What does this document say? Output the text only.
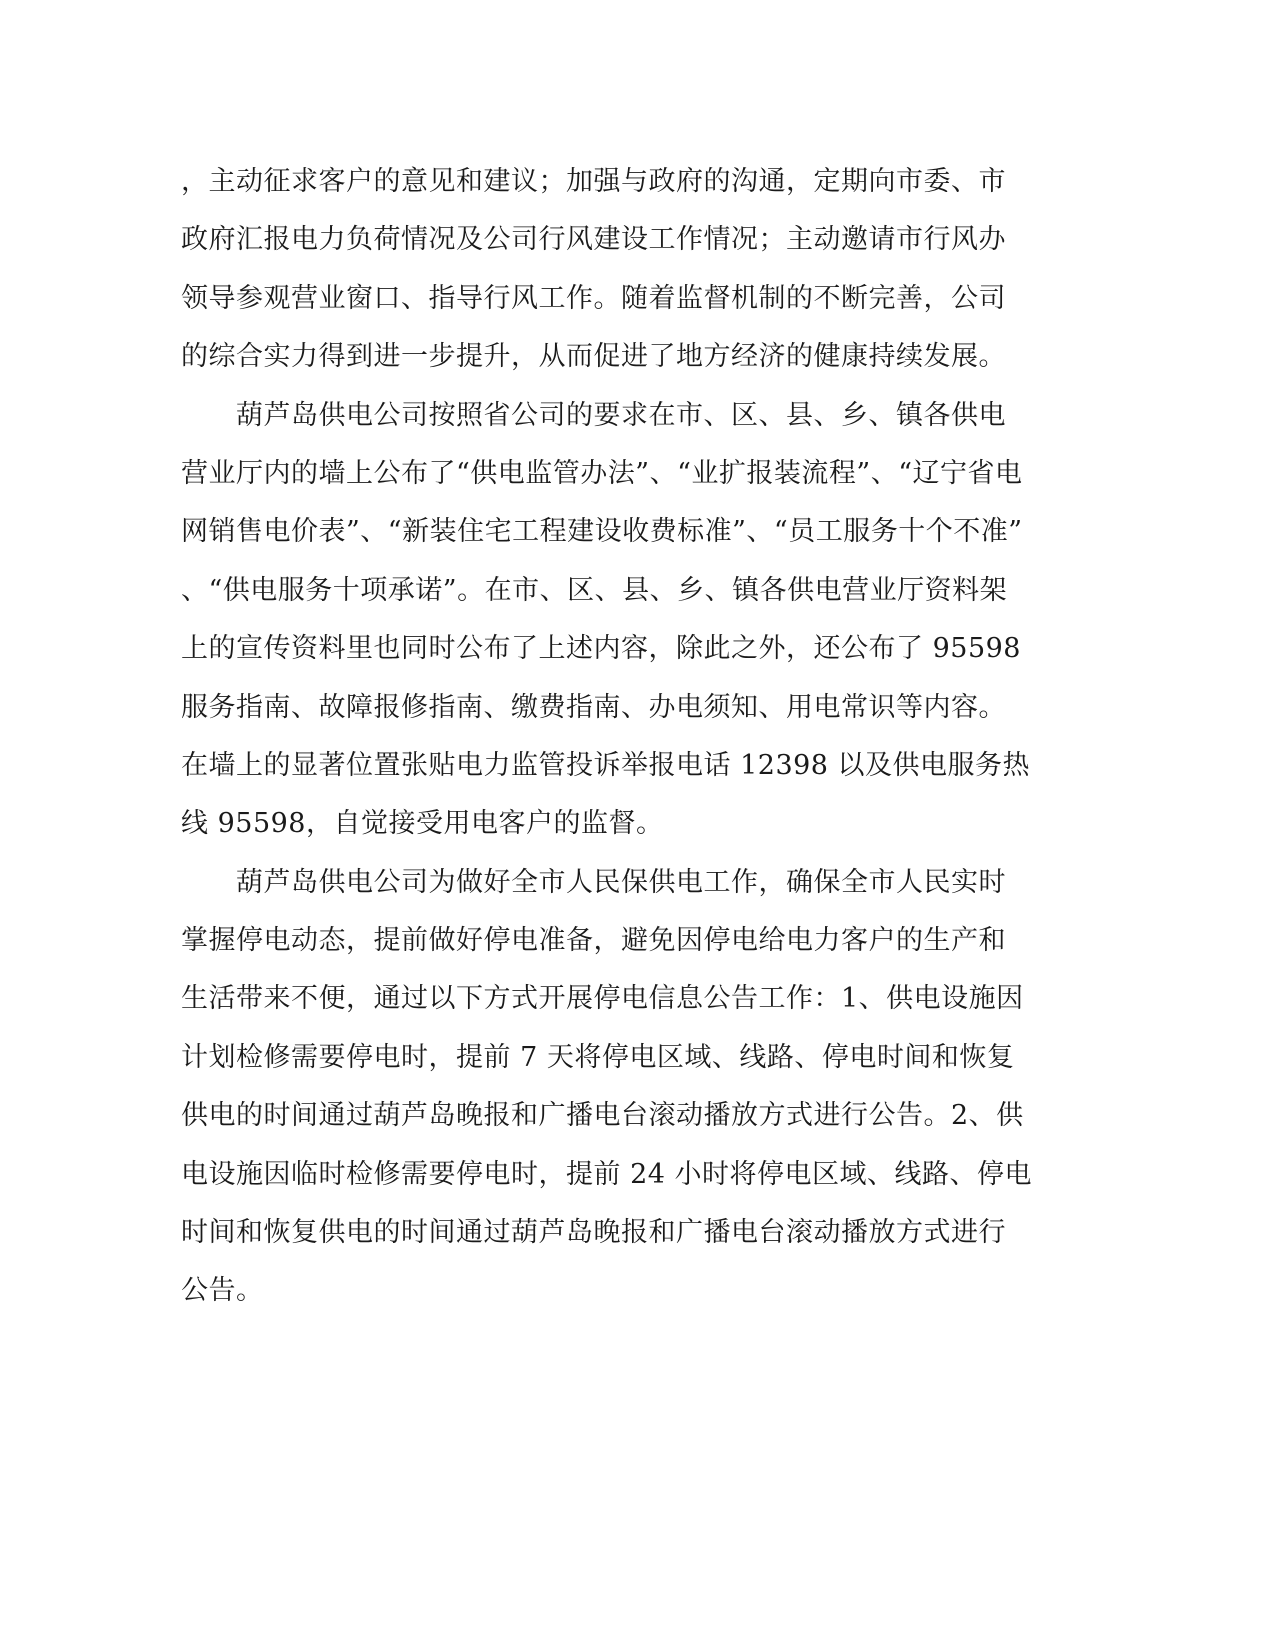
，主动征求客户的意见和建议；加强与政府的沟通，定期向市委、市
政府汇报电力负荷情况及公司行风建设工作情况；主动邀请市行风办
领导参观营业窗口、指导行风工作。随着监督机制的不断完善，公司
的综合实力得到进一步提升，从而促进了地方经济的健康持续发展。
　　葫芦岛供电公司按照省公司的要求在市、区、县、乡、镇各供电
营业厅内的墙上公布了“供电监管办法”、“业扩报装流程”、“辽宁省电
网销售电价表”、“新装住宅工程建设收费标准”、“员工服务十个不准”
、“供电服务十项承诺”。在市、区、县、乡、镇各供电营业厅资料架
上的宣传资料里也同时公布了上述内容，除此之外，还公布了 95598
服务指南、故障报修指南、缴费指南、办电须知、用电常识等内容。
在墙上的显著位置张贴电力监管投诉举报电话 12398 以及供电服务热
线 95598，自觉接受用电客户的监督。
　　葫芦岛供电公司为做好全市人民保供电工作，确保全市人民实时
掌握停电动态，提前做好停电准备，避免因停电给电力客户的生产和
生活带来不便，通过以下方式开展停电信息公告工作：1、供电设施因
计划检修需要停电时，提前 7 天将停电区域、线路、停电时间和恢复
供电的时间通过葫芦岛晚报和广播电台滚动播放方式进行公告。2、供
电设施因临时检修需要停电时，提前 24 小时将停电区域、线路、停电
时间和恢复供电的时间通过葫芦岛晚报和广播电台滚动播放方式进行
公告。
